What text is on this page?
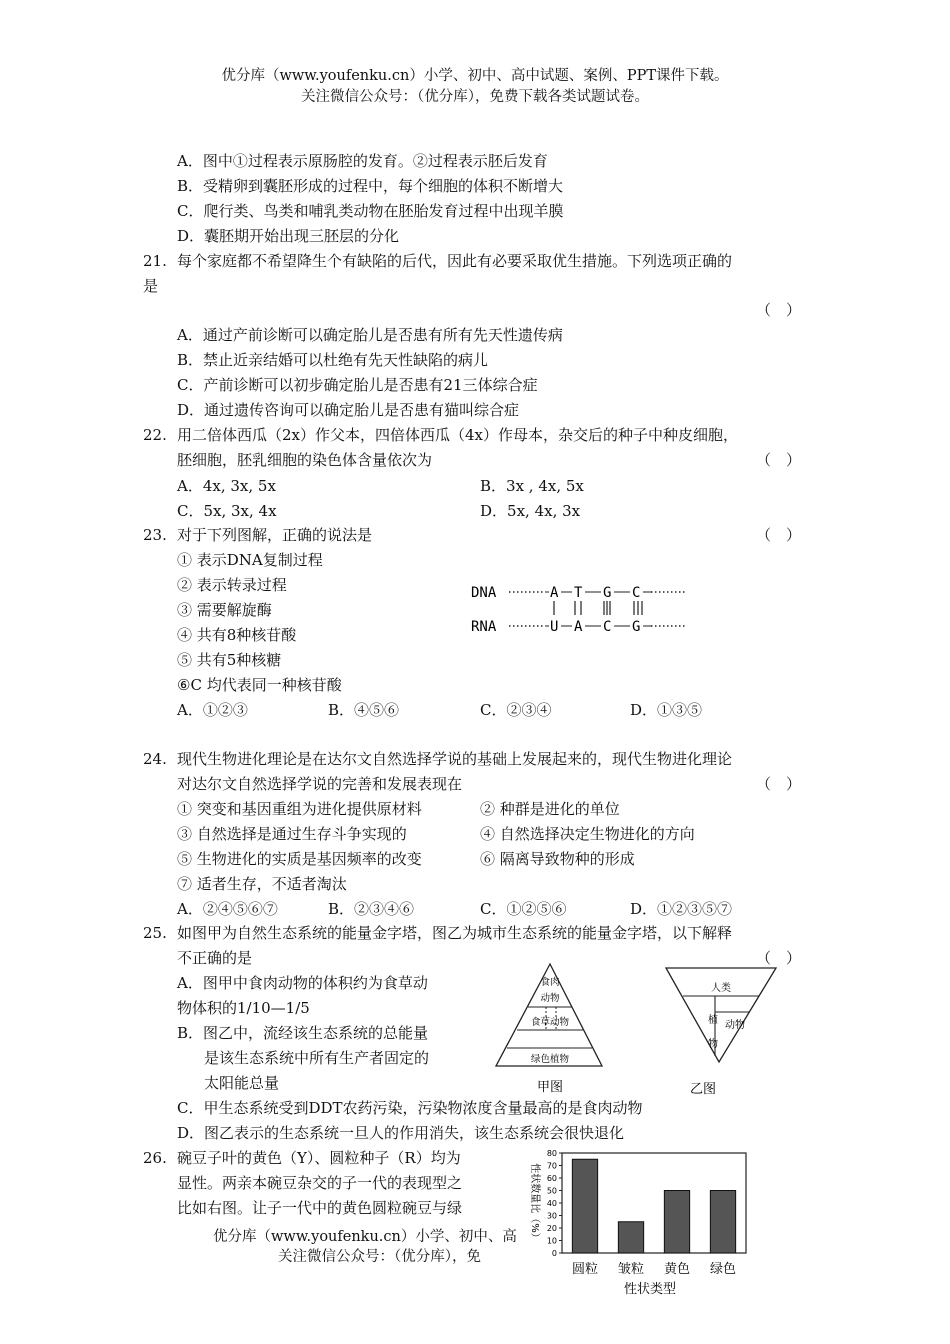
优分库（www.youfenku.cn）小学、初中、高中试题、案例、PPT课件下载。
关注微信公众号：（优分库），免费下载各类试题试卷。
A．图中①过程表示原肠腔的发育。②过程表示胚后发育
B．受精卵到囊胚形成的过程中，每个细胞的体积不断增大
C．爬行类、鸟类和哺乳类动物在胚胎发育过程中出现羊膜
D．囊胚期开始出现三胚层的分化
21. 每个家庭都不希望降生个有缺陷的后代，因此有必要采取优生措施。下列选项正确的
是
（　）
A．通过产前诊断可以确定胎儿是否患有所有先天性遗传病
B．禁止近亲结婚可以杜绝有先天性缺陷的病儿
C．产前诊断可以初步确定胎儿是否患有21三体综合症
D．通过遗传咨询可以确定胎儿是否患有猫叫综合症
22. 用二倍体西瓜（2x）作父本，四倍体西瓜（4x）作母本，杂交后的种子中种皮细胞，
胚细胞，胚乳细胞的染色体含量依次为	（　）
A．4x, 3x, 5x	B．3x , 4x, 5x
C．5x, 3x, 4x	D．5x, 4x, 3x
23. 对于下列图解，正确的说法是	（　）
① 表示DNA复制过程
② 表示转录过程
③ 需要解旋酶
④ 共有8种核苷酸
⑤ 共有5种核糖
⑥C 均代表同一种核苷酸
A．①②③	B．④⑤⑥	C．②③④	D．①③⑤
DNA
RNA
A T G C
U A C G
24. 现代生物进化理论是在达尔文自然选择学说的基础上发展起来的，现代生物进化理论
对达尔文自然选择学说的完善和发展表现在	（　）
① 突变和基因重组为进化提供原材料	② 种群是进化的单位
③ 自然选择是通过生存斗争实现的	④ 自然选择决定生物进化的方向
⑤ 生物进化的实质是基因频率的改变	⑥ 隔离导致物种的形成
⑦ 适者生存，不适者淘汰
A．②④⑤⑥⑦	B．②③④⑥	C．①②⑤⑥	D．①②③⑤⑦
25. 如图甲为自然生态系统的能量金字塔，图乙为城市生态系统的能量金字塔，以下解释
不正确的是	（　）
A．图甲中食肉动物的体积约为食草动
物体积的1/10—1/5
B．图乙中，流经该生态系统的总能量
是该生态系统中所有生产者固定的
太阳能总量
C．甲生态系统受到DDT农药污染，污染物浓度含量最高的是食肉动物
D．图乙表示的生态系统一旦人的作用消失，该生态系统会很快退化
食肉
动物
食草动物
绿色植物
甲图
人类
植 动物
物
乙图
26. 碗豆子叶的黄色（Y）、圆粒种子（R）均为
显性。两亲本碗豆杂交的子一代的表现型之
比如右图。让子一代中的黄色圆粒碗豆与绿	性状数量比（%）
性状类型
0
10
20
30
40
50
60
70
80
圆粒 皱粒 黄色 绿色
优分库（www.youfenku.cn）小学、初中、高
关注微信公众号：（优分库），免
